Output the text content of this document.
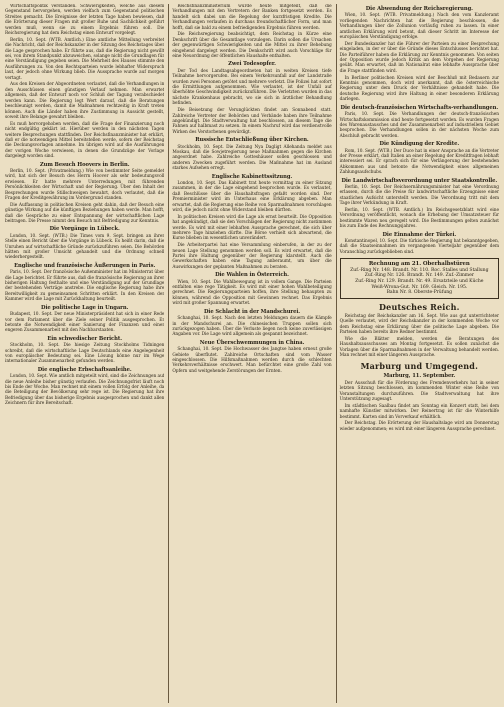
Wirtschaftspolitik verstanden. Schwierigkeiten, welche aus diesem Gegenstand hervorgehen, werden vielfach zum Gegenstand politischen Streites gemacht. Die Ereignisse der letzten Tage haben bewiesen, daß die Erörterung dieser Fragen mit großer Ruhe und Sachlichkeit geführt werden muß, wenn sie zu einem Ergebnis führen soll. Die Reichsregierung hat dem Reichstag einen Entwurf vorgelegt.
Berlin, 10. Sept. (WTB. Amtlich.) Eine amtliche Mitteilung verbreitet die Nachricht, daß der Reichskanzler in der Sitzung des Reichstages über die Lage gesprochen habe. Er führte aus, daß die Regierung nicht gewillt sei, von ihrem Standpunkt abzuweichen, solange nicht die Grundlagen für eine Verständigung gegeben seien. Die Mehrheit des Hauses stimmte den Ausführungen zu. Von den Rechtsparteien wurde lebhafter Widerspruch laut, der jedoch ohne Wirkung blieb. Die Aussprache wurde auf morgen vertagt.
Aus den Kreisen der Abgeordneten verlautet, daß die Verhandlungen in den Ausschüssen einen günstigen Verlauf nehmen. Man erwartet allgemein, daß der Entwurf noch vor Schluß der Tagung verabschiedet werden kann. Die Regierung legt Wert darauf, daß die Beratungen beschleunigt werden, damit die Maßnahmen rechtzeitig in Kraft treten können. Auch die Länder haben ihre Zustimmung in Aussicht gestellt, soweit ihre Belange gewahrt bleiben.
Es muß hervorgehoben werden, daß die Frage der Finanzierung noch nicht endgültig geklärt ist. Hierüber werden in den nächsten Tagen weitere Besprechungen stattfinden. Der Reichsfinanzminister hat erklärt, daß er die notwendigen Mittel bereitstellen werde, sofern der Reichstag die Deckungsvorlagen annehme. Im übrigen wird auf die Ausführungen der vorigen Woche verwiesen, in denen die Grundzüge der Vorlage dargelegt worden sind.
Zum Besuch Hoovers in Berlin.
Berlin, 10. Sept. (Privatmeldung.) Wie von bestimmter Seite gemeldet wird, hat sich der Besuch des Herrn Hoover als sehr bedeutungsvoll erwiesen. Er hatte mehrere Unterredungen mit führenden Persönlichkeiten der Wirtschaft und der Regierung. Über den Inhalt der Besprechungen wurde Stillschweigen bewahrt, doch verlautet, daß die Fragen der Kreditgewährung im Vordergrund standen.
Die Auffassung in politischen Kreisen geht dahin, daß der Besuch eine günstige Wirkung auf die künftigen Beziehungen haben werde. Man hofft, daß die Gespräche zu einer Entspannung der wirtschaftlichen Lage beitragen. Die Presse nimmt den Besuch mit Befriedigung zur Kenntnis.
Die Vorgänge in Lübeck.
London, 10. Sept. (WTB.) Die Times vom 9. Sept. bringen an ihrer Stelle einen Bericht über die Vorgänge in Lübeck. Es heißt darin, daß die Unruhen auf wirtschaftliche Gründe zurückzuführen seien. Die Behörden hätten mit großer Umsicht gehandelt und die Ordnung schnell wiederhergestellt.
Englische und französische Äußerungen in Paris.
Paris, 10. Sept. Der französische Außenminister hat im Ministerrat über die Lage berichtet. Er führte aus, daß die französische Regierung an ihrer bisherigen Haltung festhalte und eine Verständigung auf der Grundlage der bestehenden Verträge anstrebe. Die englische Regierung habe ihre Bereitwilligkeit zu gemeinsamen Schritten erklärt. In den Kreisen der Kammer wird die Lage mit Zurückhaltung beurteilt.
Die politische Lage in Ungarn.
Budapest, 10. Sept. Der neue Ministerpräsident hat sich in einer Rede vor dem Parlament über die Ziele seiner Politik ausgesprochen. Er betonte die Notwendigkeit einer Sanierung der Finanzen und einer engeren Zusammenarbeit mit den Nachbarstaaten.
Ein schwedischer Bericht.
Stockholm, 10. Sept. Die hiesige Zeitung Stockholms Tidningen schreibt, daß die wirtschaftliche Lage Deutschlands eine Angelegenheit von europäischer Bedeutung sei. Eine Lösung könne nur im Wege internationaler Zusammenarbeit gefunden werden.
Die englische Erbschaftsanleihe.
London, 10. Sept. Wie amtlich mitgeteilt wird, sind die Zeichnungen auf die neue Anleihe bisher günstig verlaufen. Die Zeichnungsfrist läuft noch bis Ende der Woche. Man rechnet mit einem vollen Erfolg der Anleihe, da die Beteiligung der Bevölkerung sehr rege ist. Die Regierung hat ihre Befriedigung über das bisherige Ergebnis ausgesprochen und dankt allen Zeichnern für ihre Bereitschaft.
Reichsfinanzministerium wurde heute mitgeteilt, daß die Verhandlungen mit den Vertretern der Banken fortgesetzt werden. Es handelt sich dabei um die Regelung der kurzfristigen Kredite. Die Verhandlungen verlaufen in durchaus freundschaftlicher Form, und man hofft, daß sie bald zu einem befriedigenden Ergebnis führen werden.
Die Reichsregierung beabsichtigt, dem Reichstag in Kürze eine Denkschrift über die Gesamtlage vorzulegen. Darin sollen die Ursachen der gegenwärtigen Schwierigkeiten und die Mittel zu ihrer Behebung eingehend dargelegt werden. Die Denkschrift wird auch Vorschläge für eine Neuordnung der öffentlichen Haushalte enthalten.
Zwei Todesopfer.
Der Tod des Landtagsabgeordneten hat in weiten Kreisen tiefe Teilnahme hervorgerufen. Bei einem Verkehrsunfall auf der Landstraße wurden zwei Personen getötet und mehrere verletzt. Die Polizei hat sofort die Ermittlungen aufgenommen. Wie verlautet, ist der Unfall auf überhöhte Geschwindigkeit zurückzuführen. Die Verletzten wurden in das nächste Krankenhaus gebracht, wo sie sich in ärztlicher Behandlung befinden.
Die Beisetzung der Verunglückten findet am Sonnabend statt. Zahlreiche Vertreter der Behörden und Verbände haben ihre Teilnahme angekündigt. Die Stadtverwaltung hat beschlossen, an diesem Tage die Fahnen auf halbmast zu setzen. In einem Nachruf wird das verdienstvolle Wirken des Verstorbenen gewürdigt.
Russische Entschließung über Kirchen.
Stockholm, 10. Sept. Die Zeitung Nya Dagligt Allehanda meldet aus Moskau, daß die Sowjetregierung neue Maßnahmen gegen die Kirchen angeordnet habe. Zahlreiche Gotteshäuser sollen geschlossen und anderen Zwecken zugeführt werden. Die Maßnahme hat im Ausland starkes Aufsehen erregt.
Englische Kabinettssitzung.
London, 10. Sept. Das Kabinett trat heute vormittag zu einer Sitzung zusammen, in der die Lage eingehend besprochen wurde. Es verlautet, daß Beschlüsse über die Haushaltsfragen gefaßt worden sind. Der Premierminister wird im Unterhaus eine Erklärung abgeben. Man erwartet, daß die Regierung eine Reihe von Sparmaßnahmen vorschlagen wird, die jedoch nicht ohne Widerstand bleiben dürften.
In politischen Kreisen wird die Lage als ernst beurteilt. Die Opposition hat angekündigt, daß sie den Vorschlägen der Regierung nicht zustimmen werde. Es wird mit einer lebhaften Aussprache gerechnet, die sich über mehrere Tage hinziehen dürfte. Die Börse verhielt sich abwartend, die Kurse blieben im wesentlichen unverändert.
Die Arbeiterpartei hat eine Versammlung einberufen, in der zu der neuen Lage Stellung genommen werden soll. Es wird erwartet, daß die Partei ihre Haltung gegenüber der Regierung klarstellt. Auch die Gewerkschaften haben eine Tagung anberaumt, um über die Auswirkungen der geplanten Maßnahmen zu beraten.
Die Wahlen in Österreich.
Wien, 10. Sept. Die Wahlbewegung ist in vollem Gange. Die Parteien entfalten eine rege Tätigkeit. Es wird mit einer hohen Wahlbeteiligung gerechnet. Die Regierungsparteien hoffen, ihre Stellung behaupten zu können, während die Opposition mit Gewinnen rechnet. Das Ergebnis wird mit großer Spannung erwartet.
Die Schlacht in der Mandschurei.
Schanghai, 10. Sept. Nach den letzten Meldungen dauern die Kämpfe in der Mandschurei an. Die chinesischen Truppen sollen sich zurückgezogen haben. Über die Verluste liegen noch keine zuverlässigen Angaben vor. Die Lage wird allgemein als gespannt bezeichnet.
Neue Überschwemmungen in China.
Schanghai, 10. Sept. Die Hochwasser des Jangtse haben erneut große Gebiete überflutet. Zahlreiche Ortschaften sind vom Wasser eingeschlossen. Die Hilfsmaßnahmen werden durch die schlechten Verkehrsverhältnisse erschwert. Man befürchtet eine große Zahl von Opfern und weitgehende Zerstörungen der Ernten.
Die Abwendung der Reichsregierung.
Wien, 10. Sept. (WTB. Privatmeldung.) Nach den vom Kanzleramt vorliegenden Nachrichten hat die Regierung beschlossen, die Verhandlungen über die Zollunion vorläufig ruhen zu lassen. In einer amtlichen Erklärung wird betont, daß dieser Schritt im Interesse der europäischen Verständigung erfolge.
Der Bundeskanzler hat die Führer der Parteien zu einer Besprechung eingeladen, in der er über die Gründe dieses Entschlusses berichtet hat. Die Parteiführer haben die Erklärung zur Kenntnis genommen. Von seiten der Opposition wurde jedoch Kritik an dem Vorgehen der Regierung geübt. Man erwartet, daß im Nationalrat eine lebhafte Aussprache über die Frage stattfinden wird.
In Berliner politischen Kreisen wird der Beschluß mit Bedauern zur Kenntnis genommen, doch wird anerkannt, daß die österreichische Regierung unter dem Druck der Verhältnisse gehandelt habe. Die deutsche Regierung wird ihre Haltung in einer besonderen Erklärung darlegen.
Die deutsch-französischen Wirtschafts-verhandlungen.
Paris, 10. Sept. Die Verhandlungen der deutsch-französischen Wirtschaftskommission sind heute fortgesetzt worden. Es wurden Fragen des Warenaustausches und der Zusammenarbeit auf industriellem Gebiet besprochen. Die Verhandlungen sollen in der nächsten Woche zum Abschluß gebracht werden.
Die Kündigung der Kredite.
Rom, 10. Sept. (WTB.) Der Duce hat in einer Ansprache an die Vertreter der Presse erklärt, daß Italien an einer Regelung der Kreditfragen lebhaft interessiert sei. Er sprach sich für eine Verlängerung der bestehenden Abkommen aus und betonte die Notwendigkeit eines allgemeinen Zahlungsaufschubs.
Die Landwirtschaftsverordnung unter Staatskontrolle.
Berlin, 10. Sept. Der Reichsernährungsminister hat eine Verordnung erlassen, durch die die Preise für landwirtschaftliche Erzeugnisse einer staatlichen Aufsicht unterstellt werden. Die Verordnung tritt mit dem Tage ihrer Verkündung in Kraft.
Berlin, 10. Sept. (WTB. Amtlich.) Im Reichsgesetzblatt wird eine Verordnung veröffentlicht, wonach die Erhebung der Umsatzsteuer für bestimmte Waren neu geregelt wird. Die Bestimmungen gelten zunächst bis zum Ende des Rechnungsjahres.
Die Einnahme der Türkei.
Konstantinopel, 10. Sept. Die türkische Regierung hat bekanntgegeben, daß die Staatseinnahmen im vergangenen Vierteljahr gegenüber dem Voranschlag zurückgeblieben sind.
Rechnung am 21. Oberhalbstüren
Zuf.-Ring Nr. 148. Brandt. Nr. 110. Roc. Stalles und Stallung
Zuf.-Ring Nr. 126. Brandt. Nr. 149. Zuf.-Zimmer
Zuf.-Ring Nr. 129. Brandt. Nr. 49. Ersatzteile und Küche
Weiß-Wrona-Gut. Nr. 169. Gleich. Nr. 195.
Bahn Nr. 8. Oberste-Prüfung
Deutsches Reich.
Reichstag der Reichskanzler am 16. Sept. Wie aus gut unterrichteter Quelle verlautet, wird der Reichskanzler in der kommenden Woche vor dem Reichstag eine Erklärung über die politische Lage abgeben. Die Parteien haben bereits ihre Redner bestimmt.
Wie die Blätter melden, werden die Beratungen des Haushaltsausschusses am Montag fortgesetzt. Es sollen zunächst die Vorlagen über die Sparmaßnahmen in der Verwaltung behandelt werden. Man rechnet mit einer längeren Aussprache.
Marburg und Umgegend.
Marburg, 11. September.
Der Ausschuß für die Förderung des Fremdenverkehrs hat in seiner letzten Sitzung beschlossen, im kommenden Winter eine Reihe von Veranstaltungen durchzuführen. Die Stadtverwaltung hat ihre Unterstützung zugesagt.
Im städtischen Saalbau findet am Sonntag ein Konzert statt, bei dem namhafte Künstler mitwirken. Der Reinertrag ist für die Winterhilfe bestimmt. Karten sind im Vorverkauf erhältlich.
Der Reichstag. Die Erörterung der Haushaltslage wird am Donnerstag wieder aufgenommen; es wird mit einer längeren Aussprache gerechnet.
